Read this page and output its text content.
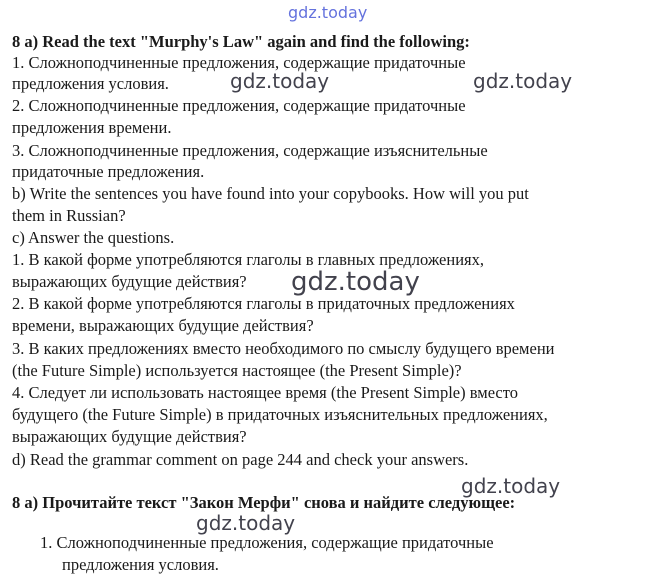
gdz.today
8 a) Read the text "Murphy's Law" again and find the following:
1. Сложноподчиненные предложения, содержащие придаточные
предложения условия.
2. Сложноподчиненные предложения, содержащие придаточные
предложения времени.
3. Сложноподчиненные предложения, содержащие изъяснительные
придаточные предложения.
b) Write the sentences you have found into your copybooks. How will you put
them in Russian?
c) Answer the questions.
1. В какой форме употребляются глаголы в главных предложениях,
выражающих будущие действия?
2. В какой форме употребляются глаголы в придаточных предложениях
времени, выражающих будущие действия?
3. В каких предложениях вместо необходимого по смыслу будущего времени
(the Future Simple) используется настоящее (the Present Simple)?
4. Следует ли использовать настоящее время (the Present Simple) вместо
будущего (the Future Simple) в придаточных изъяснительных предложениях,
выражающих будущие действия?
d) Read the grammar comment on page 244 and check your answers.
8 а) Прочитайте текст "Закон Мерфи" снова и найдите следующее:
1. Сложноподчиненные предложения, содержащие придаточные
предложения условия.
gdz.today	gdz.today
gdz.today
gdz.today
gdz.today
